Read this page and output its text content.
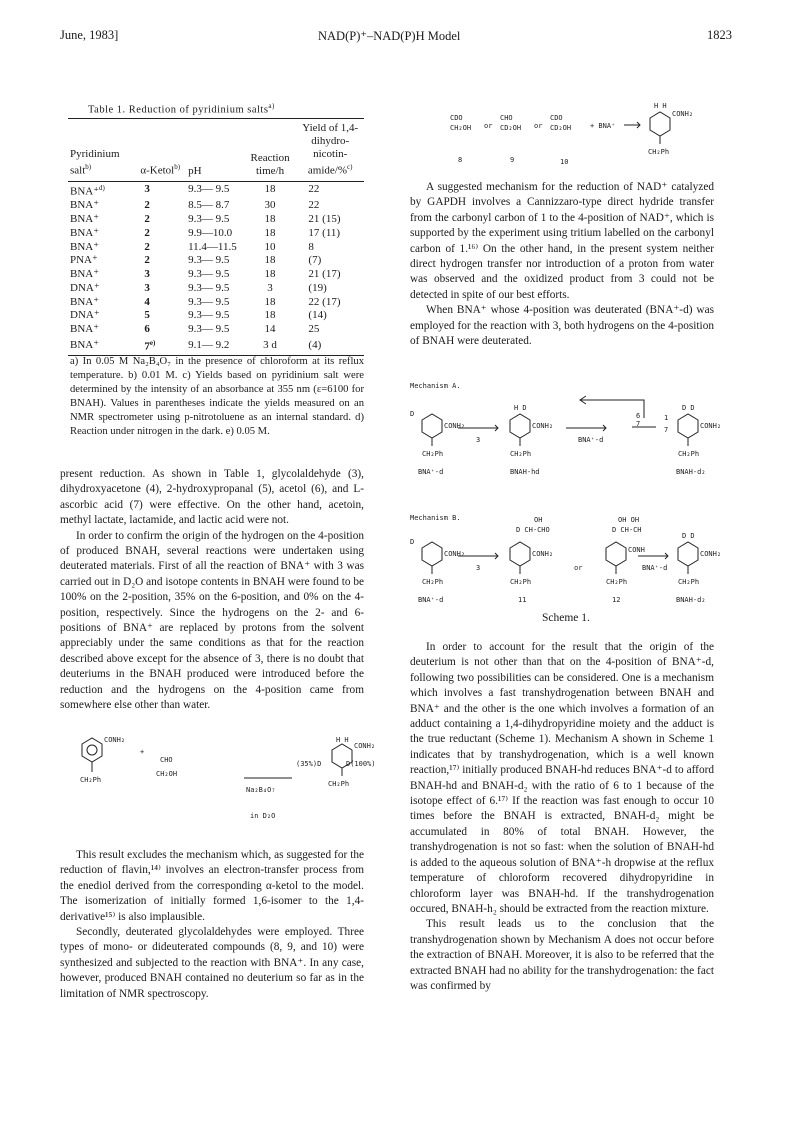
June, 1983]	NAD(P)⁺–NAD(P)H Model	1823
Table 1. Reduction of pyridinium salts$^{a)}$
Pyridinium salt$^{b)}$	α-Ketol$^{b)}$	pH	Reaction time/h	Yield of 1,4-dihydro-nicotin-amide/%$^{c)}$
BNA⁺$^{d)}$	3	9.3— 9.5	18	22
BNA⁺	2	8.5— 8.7	30	22
BNA⁺	2	9.3— 9.5	18	21 (15)
BNA⁺	2	9.9—10.0	18	17 (11)
BNA⁺	2	11.4—11.5	10	8
PNA⁺	2	9.3— 9.5	18	(7)
BNA⁺	3	9.3— 9.5	18	21 (17)
DNA⁺	3	9.3— 9.5	3	(19)
BNA⁺	4	9.3— 9.5	18	22 (17)
DNA⁺	5	9.3— 9.5	18	(14)
BNA⁺	6	9.3— 9.5	14	25
BNA⁺	7$^{e)}$	9.1— 9.2	3 d	(4)
a) In 0.05 M Na₂B₄O₇ in the presence of chloroform at its reflux temperature. b) 0.01 M. c) Yields based on pyridinium salt were determined by the intensity of an absorbance at 355 nm (ε=6100 for BNAH). Values in parentheses indicate the yields measured on an NMR spectrometer using p-nitrotoluene as an internal standard. d) Reaction under nitrogen in the dark. e) 0.05 M.

present reduction. As shown in Table 1, glycolaldehyde (3), dihydroxyacetone (4), 2-hydroxypropanal (5), acetol (6), and L-ascorbic acid (7) were effective. On the other hand, acetoin, methyl lactate, lactamide, and lactic acid were not.

In order to confirm the origin of the hydrogen on the 4-position of produced BNAH, several reactions were undertaken using deuterated materials. First of all the reaction of BNA⁺ with 3 was carried out in D₂O and isotope contents in BNAH were found to be 100% on the 2-position, 35% on the 6-position, and 0% on the 4-position, respectively. Since the hydrogens on the 2- and 6-positions of BNA⁺ are replaced by protons from the solvent appreciably under the same conditions as that for the reaction described above except for the absence of 3, there is no doubt that deuteriums in the BNAH produced were introduced before the reduction and the hydrogens on the 4-position came from somewhere else other than water.

CONH₂
CH₂Ph
+
CHO
CH₂OH
Na₂B₄O₇
in D₂O
H H
(35%)D	D(100%)
CONH₂
CH₂Ph

This result excludes the mechanism which, as suggested for the reduction of flavin,¹⁴⁾ involves an electron-transfer process from the enediol derived from the corresponding α-ketol to the model. The isomerization of initially formed 1,6-isomer to the 1,4-derivative¹⁵⁾ is also implausible.

Secondly, deuterated glycolaldehydes were employed. Three types of mono- or dideuterated compounds (8, 9, and 10) were synthesized and subjected to the reaction with BNA⁺. In any case, however, produced BNAH contained no deuterium so far as in the limitation of NMR spectroscopy.

CDO
CH₂OH or
CHO
CD₂OH or
CDO
CD₂OH	+ BNA⁺
H H
CONH₂
CH₂Ph
8	9	10

A suggested mechanism for the reduction of NAD⁺ catalyzed by GAPDH involves a Cannizzaro-type direct hydride transfer from the carbonyl carbon of 1 to the 4-position of NAD⁺, which is supported by the experiment using tritium labelled on the carbonyl carbon of 1.¹⁶⁾ On the other hand, in the present system neither direct hydrogen transfer nor introduction of a proton from water was observed and the oxidized product from 3 could not be detected in spite of our best efforts.

When BNA⁺ whose 4-position was deuterated (BNA⁺-d) was employed for the reaction with 3, both hydrogens on the 4-position of BNAH were deuterated.

Mechanism A.
D
CONH₂
CH₂Ph
3
H D
CONH₂
CH₂Ph
6
7
1
7
BNA⁺-d
D D
CONH₂
CH₂Ph
BNA⁺-d	BNAH-hd	BNAH-d₂
Mechanism B.
D
CONH₂
CH₂Ph
3
OH
D CH-CHO
CONH₂
CH₂Ph
or
OH OH
D CH-CH
CONH
CH₂Ph
BNA⁺-d
D D
CONH₂
CH₂Ph
BNA⁺-d	11	12	BNAH-d₂
Scheme 1.

In order to account for the result that the origin of the deuterium is not other than that on the 4-position of BNA⁺-d, following two possibilities can be considered. One is a mechanism which involves a fast transhydrogenation between BNAH and BNA⁺ and the other is the one which involves a formation of an adduct containing a 1,4-dihydropyridine moiety and the adduct is the true reductant (Scheme 1). Mechanism A shown in Scheme 1 indicates that by transhydrogenation, which is a well known reaction,¹⁷⁾ initially produced BNAH-hd reduces BNA⁺-d to afford BNAH-hd and BNAH-d₂ with the ratio of 6 to 1 because of the isotope effect of 6.¹⁷⁾ If the reaction was fast enough to occur 10 times before the BNAH is extracted, BNAH-d₂ might be accumulated in 80% of total BNAH. However, the transhydrogenation is not so fast: when the solution of BNAH-hd is added to the aqueous solution of BNA⁺-h dropwise at the reflux temperature of chloroform recovered dihydropyridine in chloroform layer was BNAH-hd. If the transhydrogenation occured, BNAH-h₂ should be extracted from the reaction mixture.

This result leads us to the conclusion that the transhydrogenation shown by Mechanism A does not occur before the extraction of BNAH. Moreover, it is also to be referred that the extracted BNAH had no ability for the transhydrogenation: the fact was confirmed by
